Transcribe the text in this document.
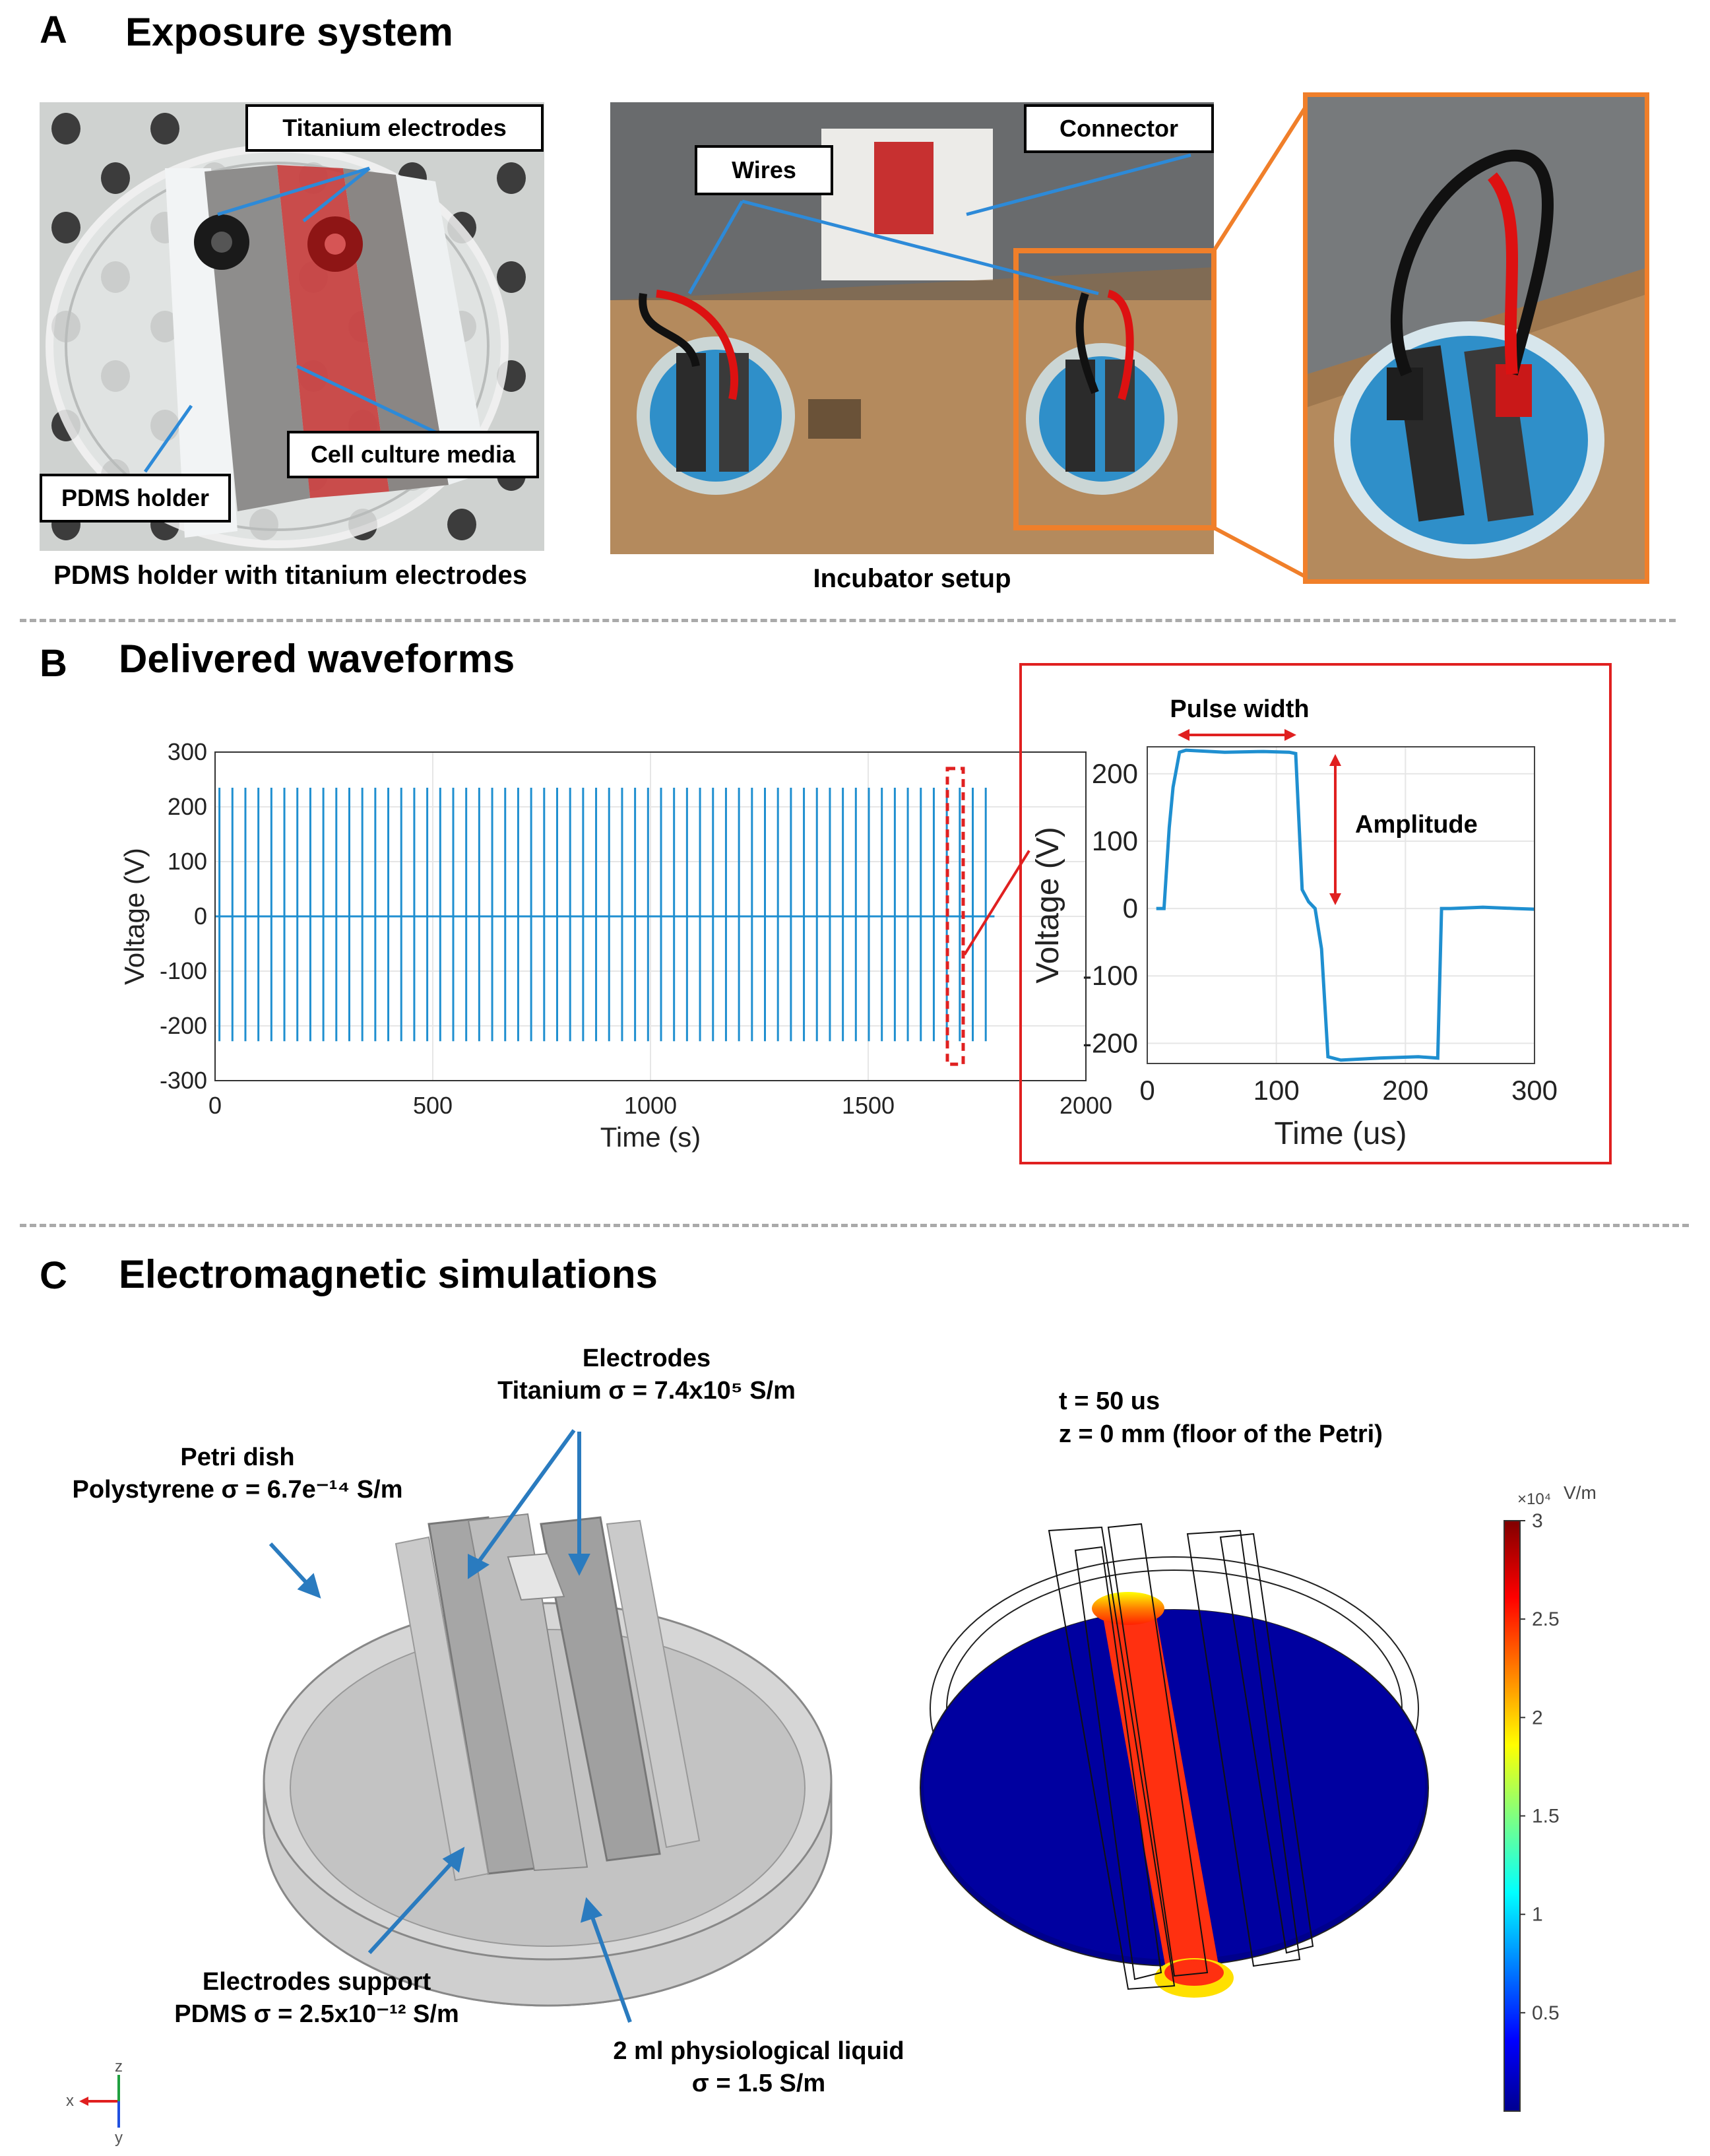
A Exposure system
Titanium electrodes
Cell culture media
PDMS holder
PDMS holder with titanium electrodes
Wires
Connector
Incubator setup
B Delivered waveforms
0	500	1000	1500	2000
300
200
100
0
-100
-200
-300
Time (s)
Voltage (V)
0	100	200	300
200
100
0
-100
-200
Time (us)
Voltage (V)
Pulse width
Amplitude
C Electromagnetic simulations
Electrodes
Titanium σ = 7.4x10⁵ S/m
Petri dish
Polystyrene σ = 6.7e⁻¹⁴ S/m
Electrodes support
PDMS σ = 2.5x10⁻¹² S/m
2 ml physiological liquid
σ = 1.5 S/m
x
z
y
t = 50 us
z = 0 mm (floor of the Petri)
×10⁴ V/m
3
2.5
2
1.5
1
0.5
